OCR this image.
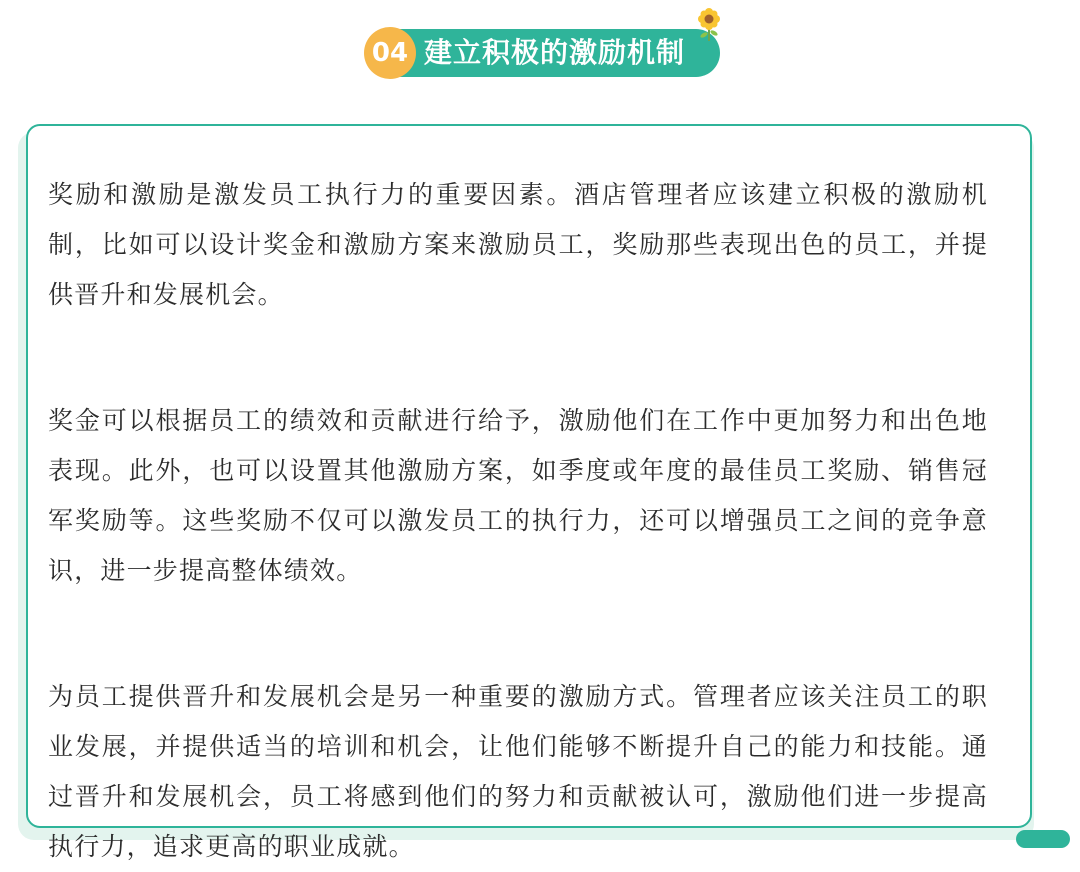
04 建立积极的激励机制

奖励和激励是激发员工执行力的重要因素。酒店管理者应该建立积极的激励机制，比如可以设计奖金和激励方案来激励员工，奖励那些表现出色的员工，并提供晋升和发展机会。

奖金可以根据员工的绩效和贡献进行给予，激励他们在工作中更加努力和出色地表现。此外，也可以设置其他激励方案，如季度或年度的最佳员工奖励、销售冠军奖励等。这些奖励不仅可以激发员工的执行力，还可以增强员工之间的竞争意识，进一步提高整体绩效。

为员工提供晋升和发展机会是另一种重要的激励方式。管理者应该关注员工的职业发展，并提供适当的培训和机会，让他们能够不断提升自己的能力和技能。通过晋升和发展机会，员工将感到他们的努力和贡献被认可，激励他们进一步提高执行力，追求更高的职业成就。
